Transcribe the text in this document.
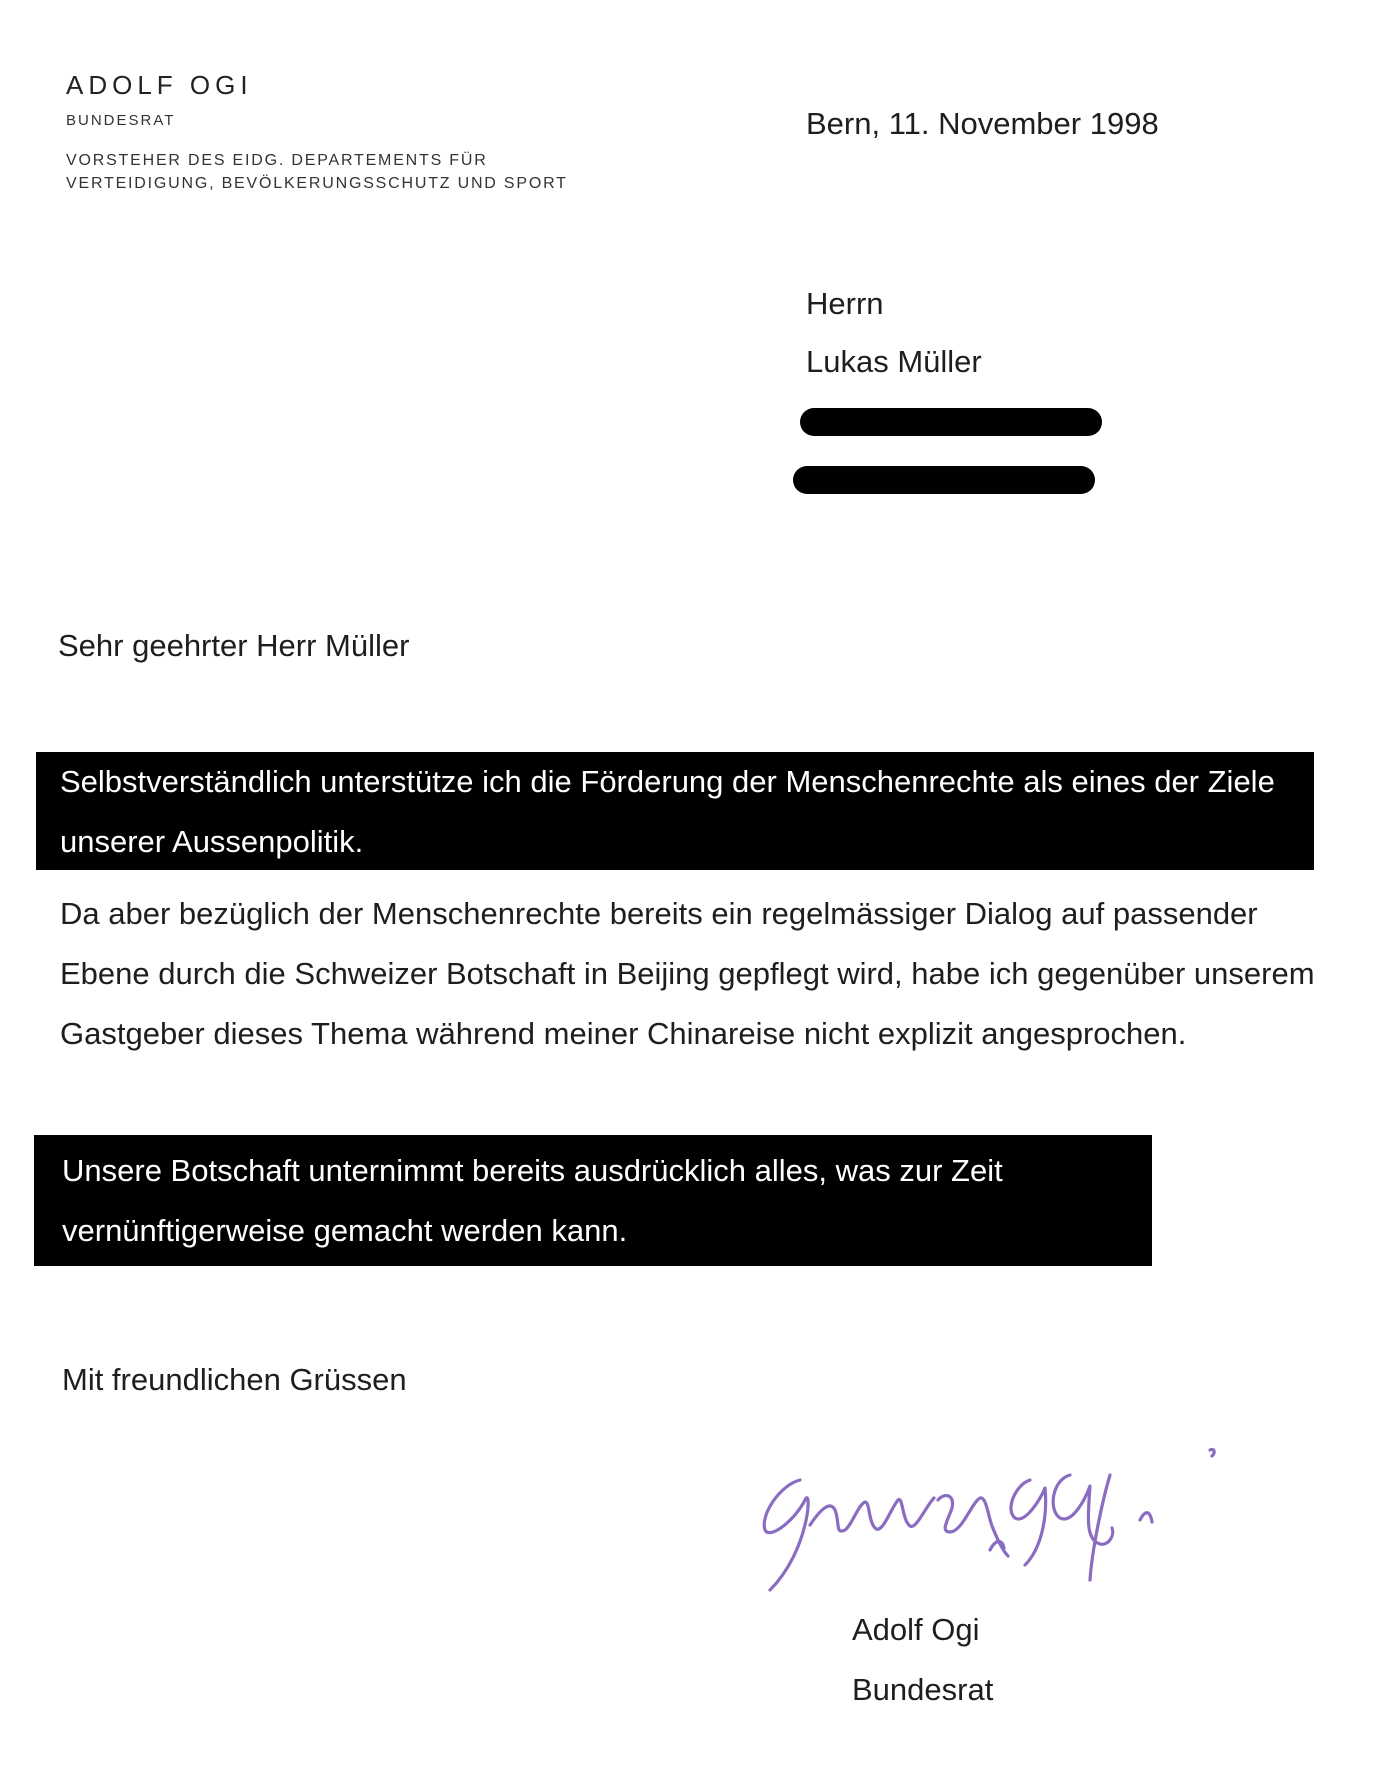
ADOLF OGI
BUNDESRAT
VORSTEHER DES EIDG. DEPARTEMENTS FÜR
VERTEIDIGUNG, BEVÖLKERUNGSSCHUTZ UND SPORT
Bern, 11. November 1998
Herrn
Lukas Müller
Sehr geehrter Herr Müller
Selbstverständlich unterstütze ich die Förderung der Menschenrechte als eines der Ziele unserer Aussenpolitik.
Da aber bezüglich der Menschenrechte bereits ein regelmässiger Dialog auf passender Ebene durch die Schweizer Botschaft in Beijing gepflegt wird, habe ich gegenüber unserem Gastgeber dieses Thema während meiner Chinareise nicht explizit angesprochen.
Unsere Botschaft unternimmt bereits ausdrücklich alles, was zur Zeit vernünftigerweise gemacht werden kann.
Mit freundlichen Grüssen
Adolf Ogi
Bundesrat
